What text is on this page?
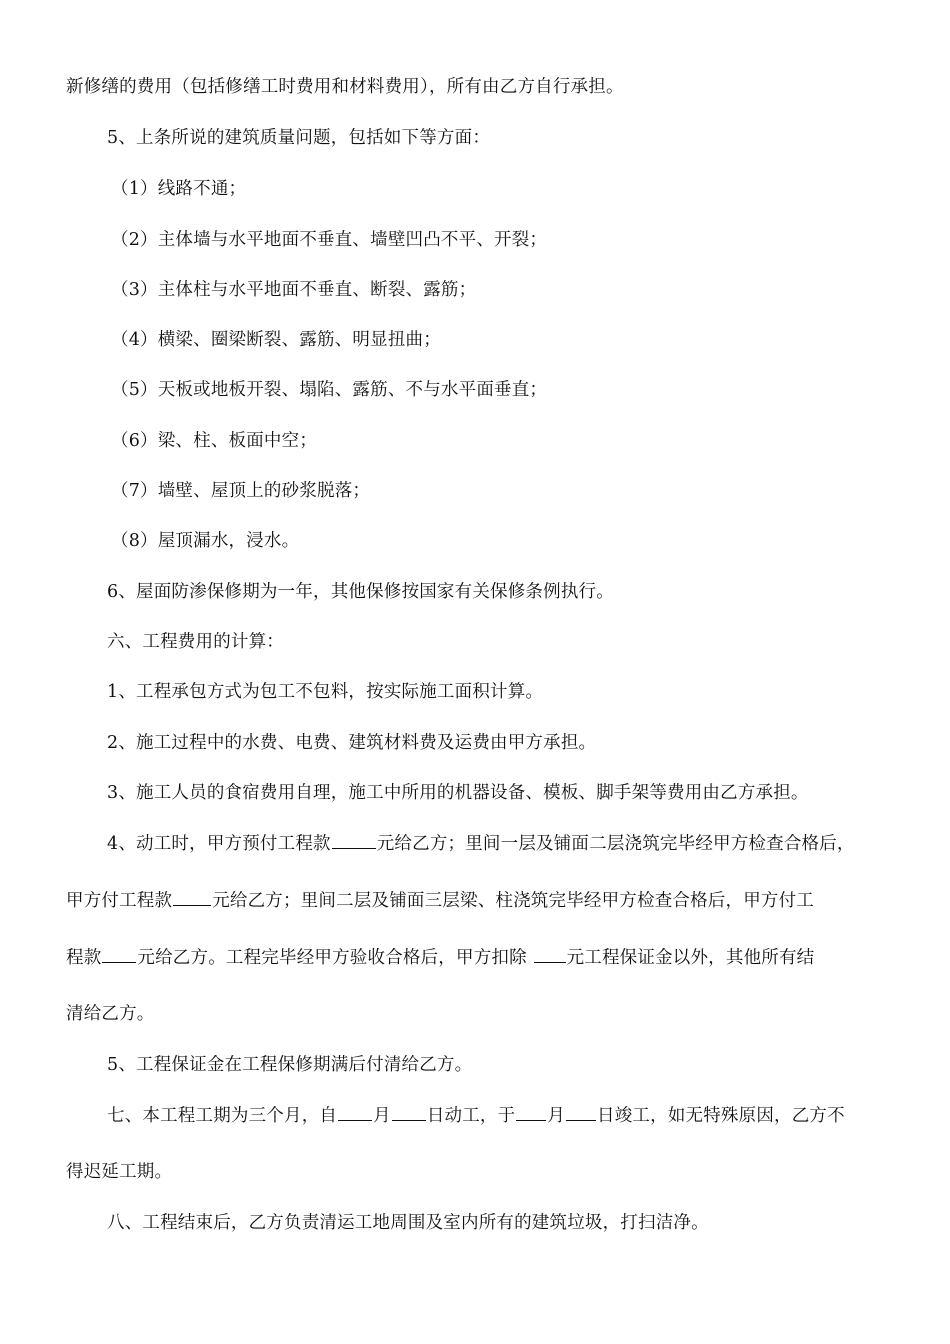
新修缮的费用（包括修缮工时费用和材料费用），所有由乙方自行承担。
5、上条所说的建筑质量问题，包括如下等方面：
（1）线路不通；
（2）主体墙与水平地面不垂直、墙壁凹凸不平、开裂；
（3）主体柱与水平地面不垂直、断裂、露筋；
（4）横梁、圈梁断裂、露筋、明显扭曲；
（5）天板或地板开裂、塌陷、露筋、不与水平面垂直；
（6）梁、柱、板面中空；
（7）墙壁、屋顶上的砂浆脱落；
（8）屋顶漏水，浸水。
6、屋面防渗保修期为一年，其他保修按国家有关保修条例执行。
六、工程费用的计算：
1、工程承包方式为包工不包料，按实际施工面积计算。
2、施工过程中的水费、电费、建筑材料费及运费由甲方承担。
3、施工人员的食宿费用自理，施工中所用的机器设备、模板、脚手架等费用由乙方承担。
4、动工时，甲方预付工程款	元给乙方；里间一层及铺面二层浇筑完毕经甲方检查合格后，
甲方付工程款 元给乙方；里间二层及铺面三层梁、柱浇筑完毕经甲方检查合格后，甲方付工
程款 元给乙方。工程完毕经甲方验收合格后，甲方扣除 元工程保证金以外，其他所有结
清给乙方。
5、工程保证金在工程保修期满后付清给乙方。
七、本工程工期为三个月，自 月 日动工，于 月 日竣工，如无特殊原因，乙方不
得迟延工期。
八、工程结束后，乙方负责清运工地周围及室内所有的建筑垃圾，打扫洁净。
